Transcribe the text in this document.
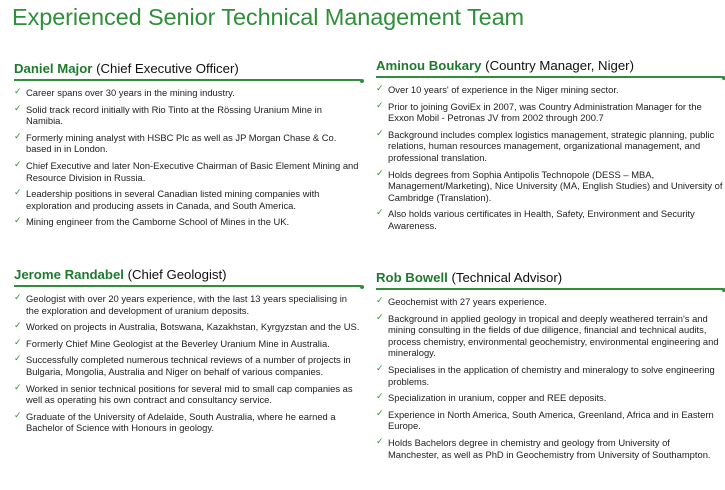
Experienced Senior Technical Management Team
Daniel Major (Chief Executive Officer)
✓ Career spans over 30 years in the mining industry.
✓ Solid track record initially with Rio Tinto at the Rössing Uranium Mine in Namibia.
✓ Formerly mining analyst with HSBC Plc as well as JP Morgan Chase & Co. based in in London.
✓ Chief Executive and later Non-Executive Chairman of Basic Element Mining and Resource Division in Russia.
✓ Leadership positions in several Canadian listed mining companies with exploration and producing assets in Canada, and South America.
✓ Mining engineer from the Camborne School of Mines in the UK.
Aminou Boukary (Country Manager, Niger)
✓ Over 10 years' of experience in the Niger mining sector.
✓ Prior to joining GoviEx in 2007, was Country Administration Manager for the Exxon Mobil - Petronas JV from 2002 through 200.7
✓ Background includes complex logistics management, strategic planning, public relations, human resources management, organizational management, and professional translation.
✓ Holds degrees from Sophia Antipolis Technopole (DESS – MBA, Management/Marketing), Nice University (MA, English Studies) and University of Cambridge (Translation).
✓ Also holds various certificates in Health, Safety, Environment and Security Awareness.
Jerome Randabel (Chief Geologist)
✓ Geologist with over 20 years experience, with the last 13 years specialising in the exploration and development of uranium deposits.
✓ Worked on projects in Australia, Botswana, Kazakhstan, Kyrgyzstan and the US.
✓ Formerly Chief Mine Geologist at the Beverley Uranium Mine in Australia.
✓ Successfully completed numerous technical reviews of a number of projects in Bulgaria, Mongolia, Australia and Niger on behalf of various companies.
✓ Worked in senior technical positions for several mid to small cap companies as well as operating his own contract and consultancy service.
✓ Graduate of the University of Adelaide, South Australia, where he earned a Bachelor of Science with Honours in geology.
Rob Bowell (Technical Advisor)
✓ Geochemist with 27 years experience.
✓ Background in applied geology in tropical and deeply weathered terrain's and mining consulting in the fields of due diligence, financial and technical audits, process chemistry, environmental geochemistry, environmental engineering and mineralogy.
✓ Specialises in the application of chemistry and mineralogy to solve engineering problems.
✓ Specialization in uranium, copper and REE deposits.
✓ Experience in North America, South America, Greenland, Africa and in Eastern Europe.
✓ Holds Bachelors degree in chemistry and geology from University of Manchester, as well as PhD in Geochemistry from University of Southampton.
